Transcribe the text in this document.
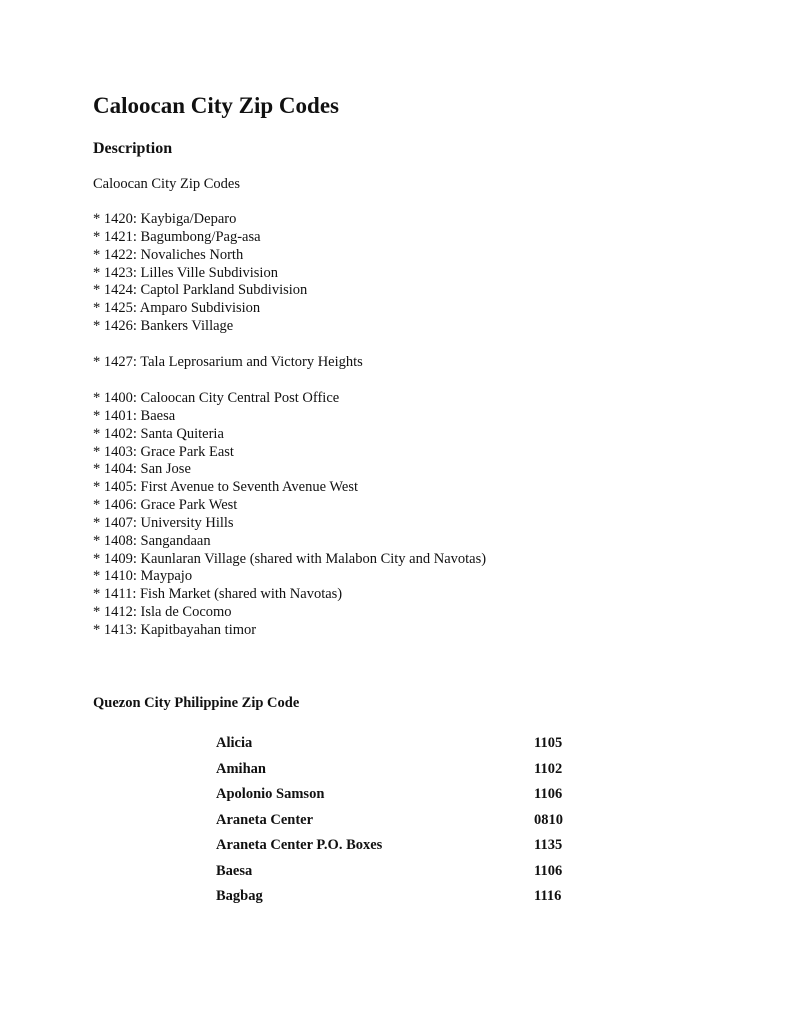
Caloocan City Zip Codes
Description
Caloocan City Zip Codes
* 1420: Kaybiga/Deparo
* 1421: Bagumbong/Pag-asa
* 1422: Novaliches North
* 1423: Lilles Ville Subdivision
* 1424: Captol Parkland Subdivision
* 1425: Amparo Subdivision
* 1426: Bankers Village
* 1427: Tala Leprosarium and Victory Heights
* 1400: Caloocan City Central Post Office
* 1401: Baesa
* 1402: Santa Quiteria
* 1403: Grace Park East
* 1404: San Jose
* 1405: First Avenue to Seventh Avenue West
* 1406: Grace Park West
* 1407: University Hills
* 1408: Sangandaan
* 1409: Kaunlaran Village (shared with Malabon City and Navotas)
* 1410: Maypajo
* 1411: Fish Market (shared with Navotas)
* 1412: Isla de Cocomo
* 1413: Kapitbayahan timor
Quezon City Philippine Zip Code
Alicia	1105
Amihan	1102
Apolonio Samson	1106
Araneta Center	0810
Araneta Center P.O. Boxes	1135
Baesa	1106
Bagbag	1116
